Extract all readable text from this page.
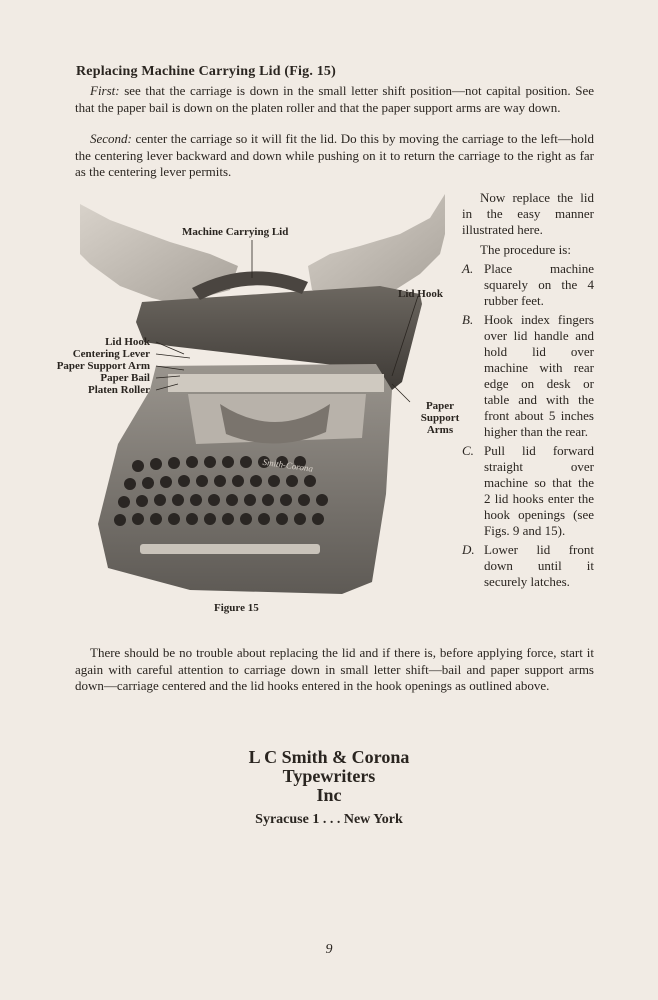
Replacing Machine Carrying Lid (Fig. 15)

First: see that the carriage is down in the small letter shift position—not capital position. See that the paper bail is down on the platen roller and that the paper support arms are way down.

Second: center the carriage so it will fit the lid. Do this by moving the carriage to the left—hold the centering lever backward and down while pushing on it to return the carriage to the right as far as the centering lever permits.

Smith-Corona
Machine Carrying Lid
Lid Hook
Lid Hook
Centering Lever
Paper Support Arm
Paper Bail
Platen Roller
Paper
Support
Arms
Figure 15

Now replace the lid in the easy manner illustrated here.

The procedure is:

A. Place machine squarely on the 4 rubber feet.
B. Hook index fingers over lid handle and hold lid over machine with rear edge on desk or table and with the front about 5 inches higher than the rear.
C. Pull lid forward straight over machine so that the 2 lid hooks enter the hook openings (see Figs. 9 and 15).
D. Lower lid front down until it securely latches.

There should be no trouble about replacing the lid and if there is, before applying force, start it again with careful attention to carriage down in small letter shift—bail and paper support arms down—carriage centered and the lid hooks entered in the hook openings as outlined above.

L C Smith & Corona
Typewriters
Inc
Syracuse 1 . . . New York
9
